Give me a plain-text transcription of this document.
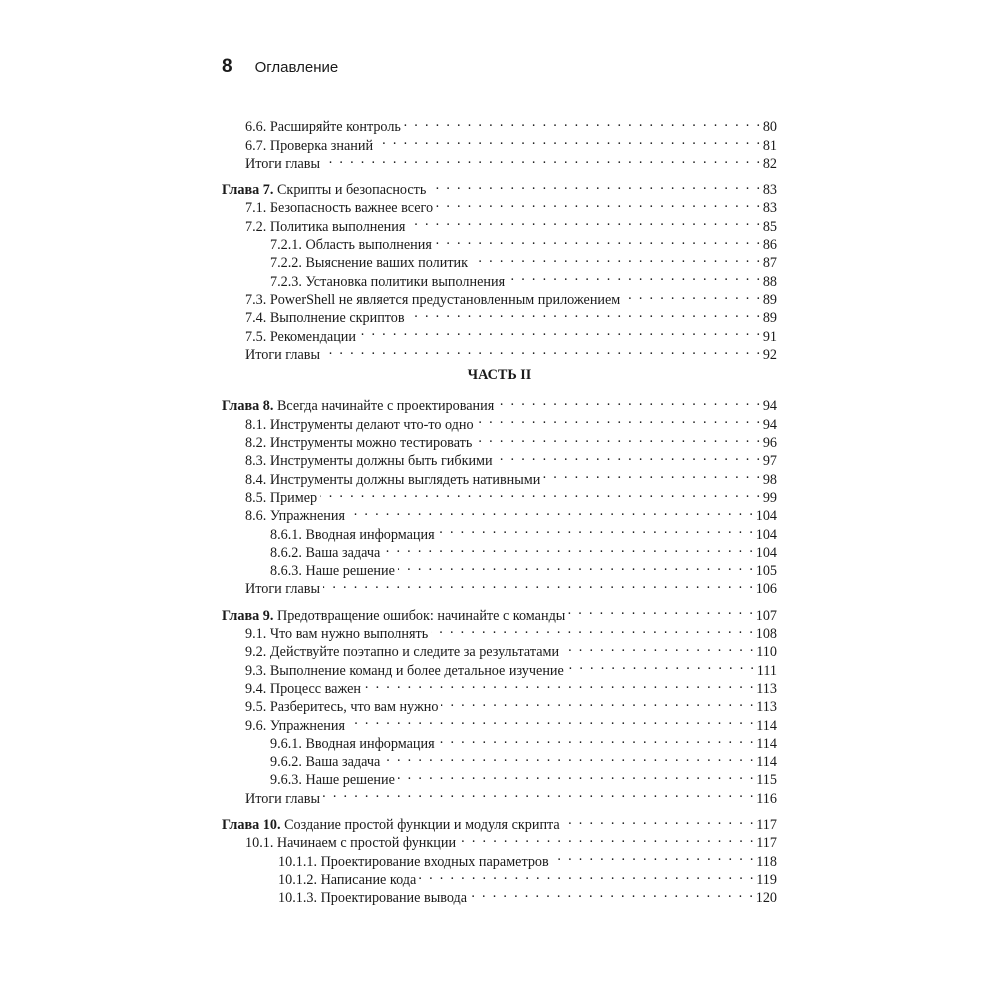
8 Оглавление
6.6. Расширяйте контроль . . .	80
6.7. Проверка знаний . . .	81
Итоги главы . . .	82
Глава 7. Скрипты и безопасность . . .	83
7.1. Безопасность важнее всего . . .	83
7.2. Политика выполнения . . .	85
7.2.1. Область выполнения . . .	86
7.2.2. Выяснение ваших политик . . .	87
7.2.3. Установка политики выполнения . . .	88
7.3. PowerShell не является предустановленным приложением . . .	89
7.4. Выполнение скриптов . . .	89
7.5. Рекомендации . . .	91
Итоги главы . . .	92
ЧАСТЬ II
Глава 8. Всегда начинайте с проектирования . . .	94
8.1. Инструменты делают что-то одно . . .	94
8.2. Инструменты можно тестировать . . .	96
8.3. Инструменты должны быть гибкими . . .	97
8.4. Инструменты должны выглядеть нативными . . .	98
8.5. Пример . . .	99
8.6. Упражнения . . .	104
8.6.1. Вводная информация . . .	104
8.6.2. Ваша задача . . .	104
8.6.3. Наше решение . . .	105
Итоги главы . . .	106
Глава 9. Предотвращение ошибок: начинайте с команды . . .	107
9.1. Что вам нужно выполнять . . .	108
9.2. Действуйте поэтапно и следите за результатами . . .	110
9.3. Выполнение команд и более детальное изучение . . .	111
9.4. Процесс важен . . .	113
9.5. Разберитесь, что вам нужно . . .	113
9.6. Упражнения . . .	114
9.6.1. Вводная информация . . .	114
9.6.2. Ваша задача . . .	114
9.6.3. Наше решение . . .	115
Итоги главы . . .	116
Глава 10. Создание простой функции и модуля скрипта . . .	117
10.1. Начинаем с простой функции . . .	117
10.1.1. Проектирование входных параметров . . .	118
10.1.2. Написание кода . . .	119
10.1.3. Проектирование вывода . . .	120
